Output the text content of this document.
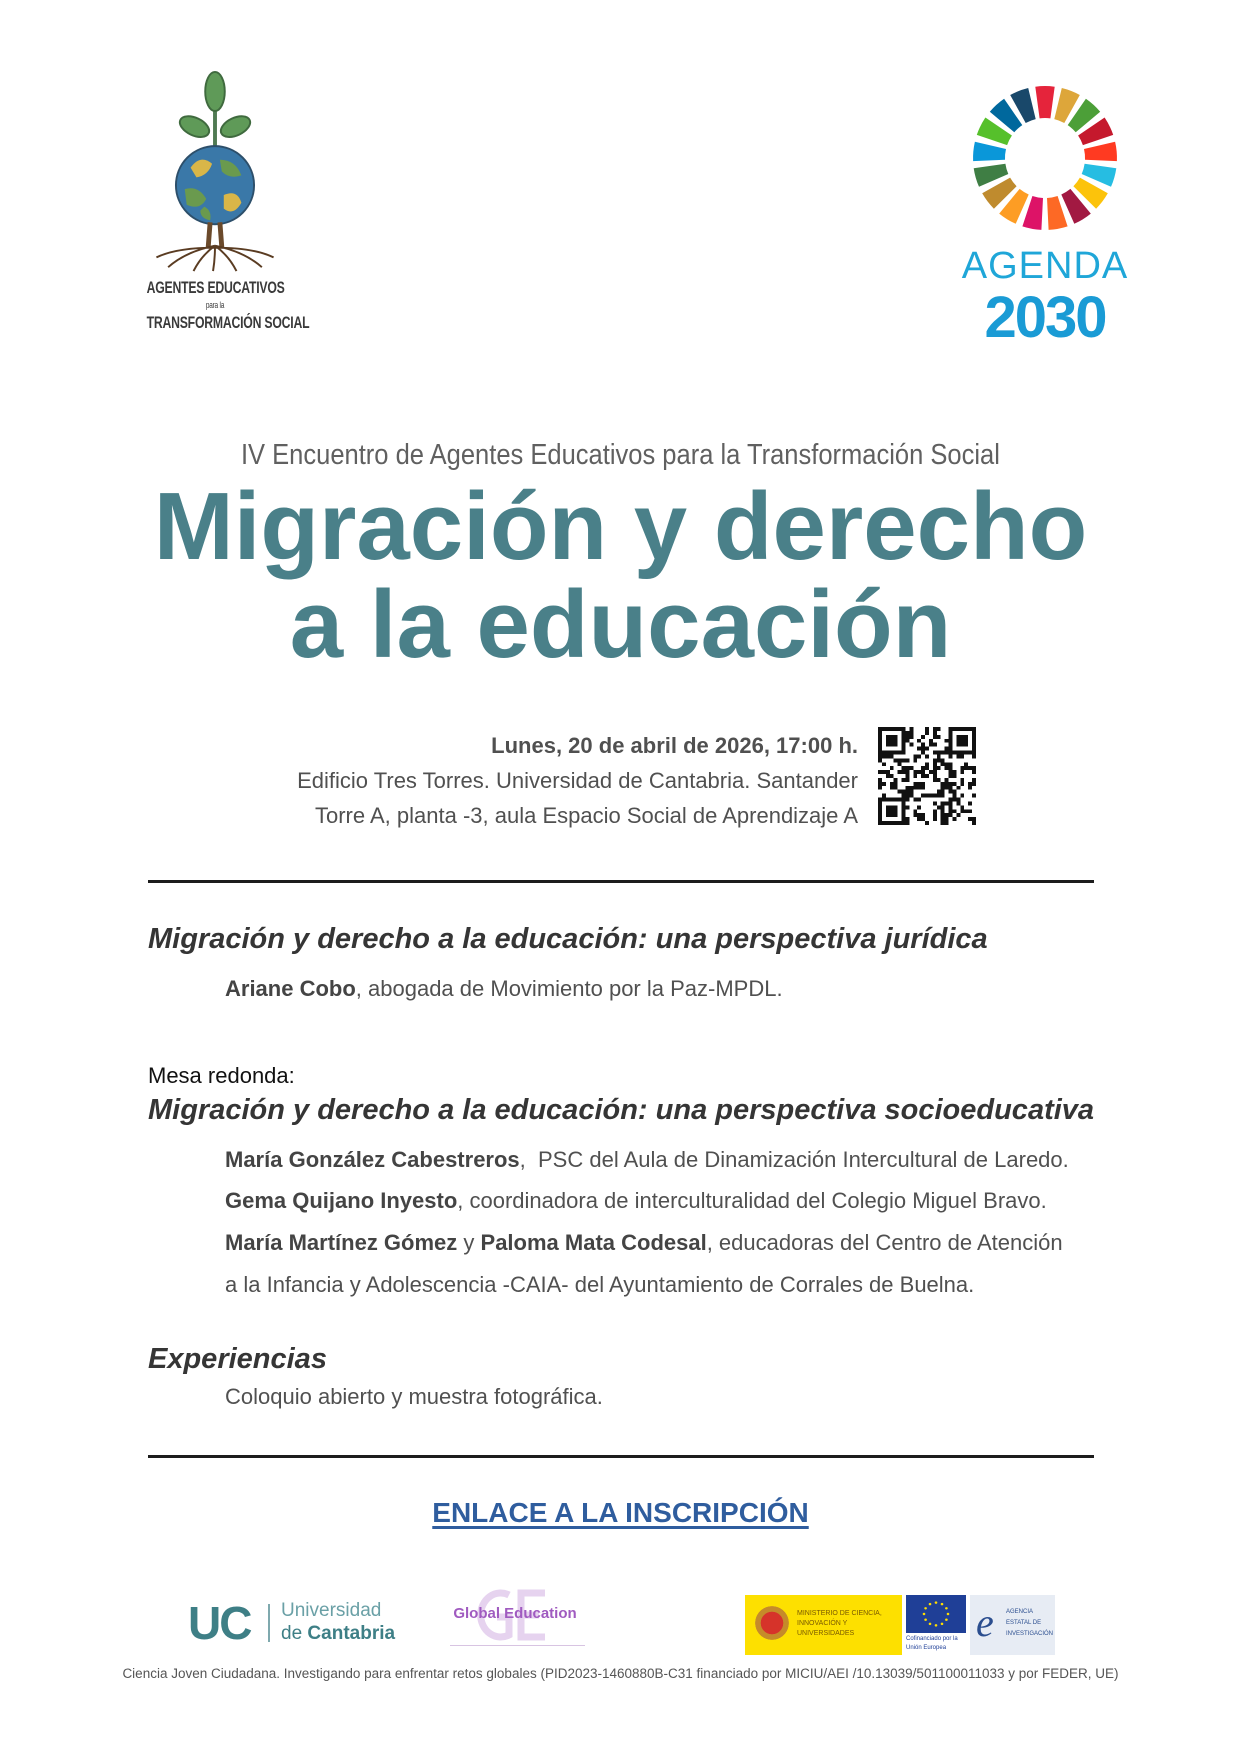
AGENTES EDUCATIVOS
para la
TRANSFORMACIÓN SOCIAL
AGENDA
2030
IV Encuentro de Agentes Educativos para la Transformación Social
Migración y derecho
a la educación
Lunes, 20 de abril de 2026, 17:00 h.
Edificio Tres Torres. Universidad de Cantabria. Santander
Torre A, planta -3, aula Espacio Social de Aprendizaje A
Migración y derecho a la educación: una perspectiva jurídica
Ariane Cobo, abogada de Movimiento por la Paz-MPDL.
Mesa redonda:
Migración y derecho a la educación: una perspectiva socioeducativa
María González Cabestreros,  PSC del Aula de Dinamización Intercultural de Laredo.
Gema Quijano Inyesto, coordinadora de interculturalidad del Colegio Miguel Bravo.
María Martínez Gómez y Paloma Mata Codesal, educadoras del Centro de Atención
a la Infancia y Adolescencia -CAIA- del Ayuntamiento de Corrales de Buelna.
Experiencias
Coloquio abierto y muestra fotográfica.
ENLACE A LA INSCRIPCIÓN
UC Universidad
de Cantabria
Global Education	MINISTERIO DE CIENCIA, INNOVACIÓN Y UNIVERSIDADES
Cofinanciado por la Unión Europea
e AGENCIA ESTATAL DE INVESTIGACIÓN
Ciencia Joven Ciudadana. Investigando para enfrentar retos globales (PID2023-1460880B-C31 financiado por MICIU/AEI /10.13039/501100011033 y por FEDER, UE)
